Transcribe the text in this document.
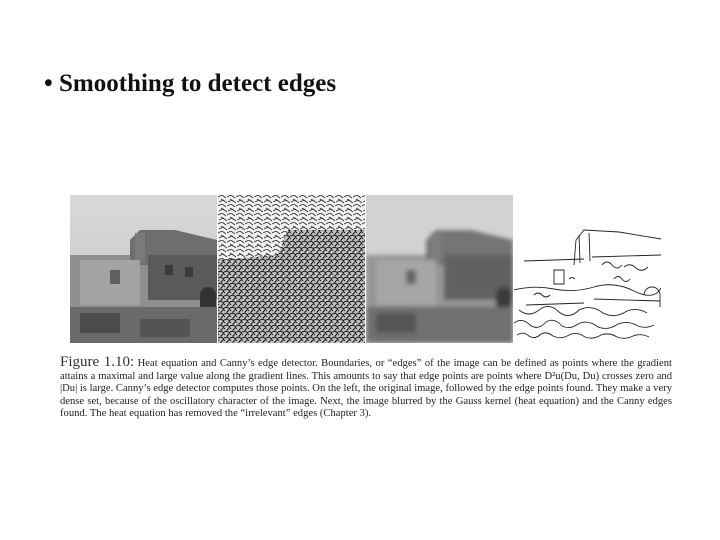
• Smoothing to detect edges
Figure 1.10: Heat equation and Canny’s edge detector. Boundaries, or “edges” of the image can be defined as points where the gradient attains a maximal and large value along the gradient lines. This amounts to say that edge points are points where D²u(Du, Du) crosses zero and |Du| is large. Canny’s edge detector computes those points. On the left, the original image, followed by the edge points found. They make a very dense set, because of the oscillatory character of the image. Next, the image blurred by the Gauss kernel (heat equation) and the Canny edges found. The heat equation has removed the “irrelevant” edges (Chapter 3).
